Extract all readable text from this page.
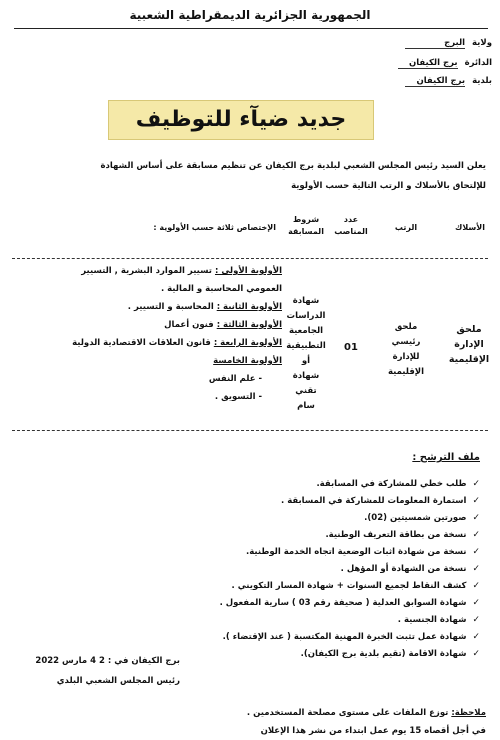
الجمهورية الجزائرية الديمقراطية الشعبية
ولاية البرج
الدائرة برج الكيفان
بلدية برج الكيفان
جديد ضيآء للتوظيف
يعلن السيد رئيس المجلس الشعبي لبلدية برج الكيفان عن تنظيم مسابقة على أساس الشهادة
للإلتحاق بالأسلاك و الرتب التالية حسب الأولوية
الأسلاك
الرتب
عدد المناصب
شروط المسابقة
الإختصاص ثلاثة حسب الأولوية :
ملحق
الإدارة
الإقليمية
ملحق
رئيسي
للإدارة
الإقليمية
01
شهادة
الدراسات
الجامعية
التطبيقية أو
شهادة تقني
سام
الأولوية الأولى : تسيير الموارد البشرية , التسيير
العمومي المحاسبة و المالية .
الأولوية الثانية : المحاسبة و التسيير .
الأولوية الثالثة : فنون أعمال
الأولوية الرابعة : قانون العلاقات الاقتصادية الدولية
الأولوية الخامسة
- علم النفس
- التسويق .
ملف الترشح :
✓طلب خطي للمشاركة في المسابقة.
✓استمارة المعلومات للمشاركة في المسابقة .
✓صورتين شمسيتين (02).
✓نسخة من بطاقة التعريف الوطنية.
✓نسخة من شهادة اثبات الوضعية اتجاه الخدمة الوطنية.
✓نسخة من الشهادة أو المؤهل .
✓كشف النقاط لجميع السنوات + شهادة المسار التكويني .
✓شهادة السوابق العدلية ( صحيفة رقم 03 ) سارية المفعول .
✓شهادة الجنسية .
✓شهادة عمل تثبت الخبرة المهنية المكتسبة ( عند الإقتضاء ).
✓شهادة الاقامة (تقيم بلدية برج الكيفان).
برج الكيفان في : 2 4 مارس 2022
رئيس المجلس الشعبي البلدي
ملاحظة: توزع الملفات على مستوى مصلحة المستخدمين .
في أجل أقصاه 15 يوم عمل ابتداء من نشر هذا الإعلان
